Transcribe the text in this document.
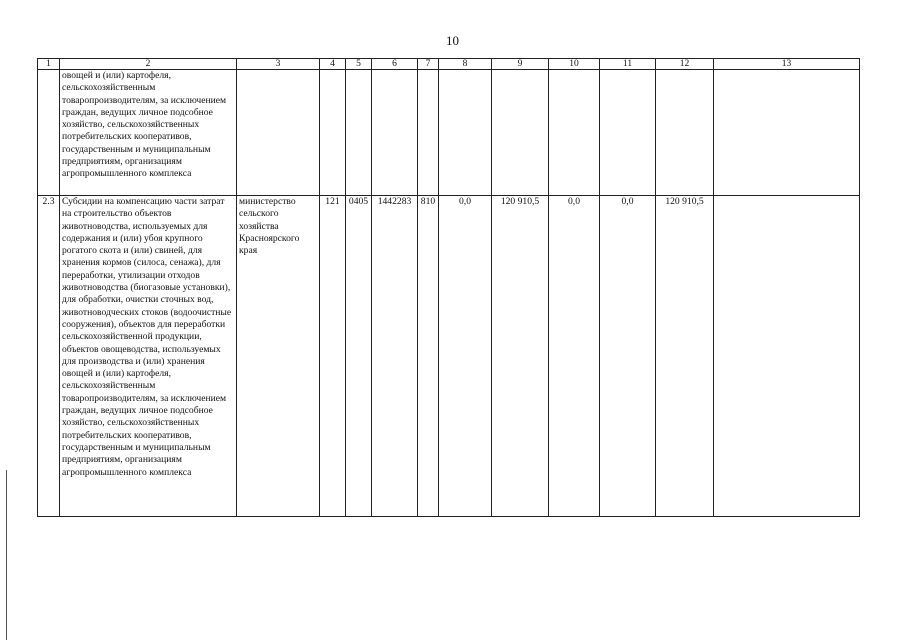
10
1	2	3	4	5	6	7	8	9	10	11	12	13
	овощей и (или) картофеля, сельскохозяйственным товаропроизводителям, за исключением граждан, ведущих личное подсобное хозяйство, сельскохозяйственных потребительских кооперативов, государственным и муниципальным предприятиям, организациям агропромышленного комплекса											
2.3	Субсидии на компенсацию части затрат на строительство объектов животноводства, используемых для содержания и (или) убоя крупного рогатого скота и (или) свиней, для хранения кормов (силоса, сенажа), для переработки, утилизации отходов животноводства (биогазовые установки), для обработки, очистки сточных вод, животноводческих стоков (водоочистные сооружения), объектов для переработки сельскохозяйственной продукции, объектов овощеводства, используемых для производства и (или) хранения овощей и (или) картофеля, сельскохозяйственным товаропроизводителям, за исключением граждан, ведущих личное подсобное хозяйство, сельскохозяйственных потребительских кооперативов, государственным и муниципальным предприятиям, организациям агропромышленного комплекса	министерство сельского хозяйства Красноярского края	121	0405	1442283	810	0,0	120 910,5	0,0	0,0	120 910,5	
